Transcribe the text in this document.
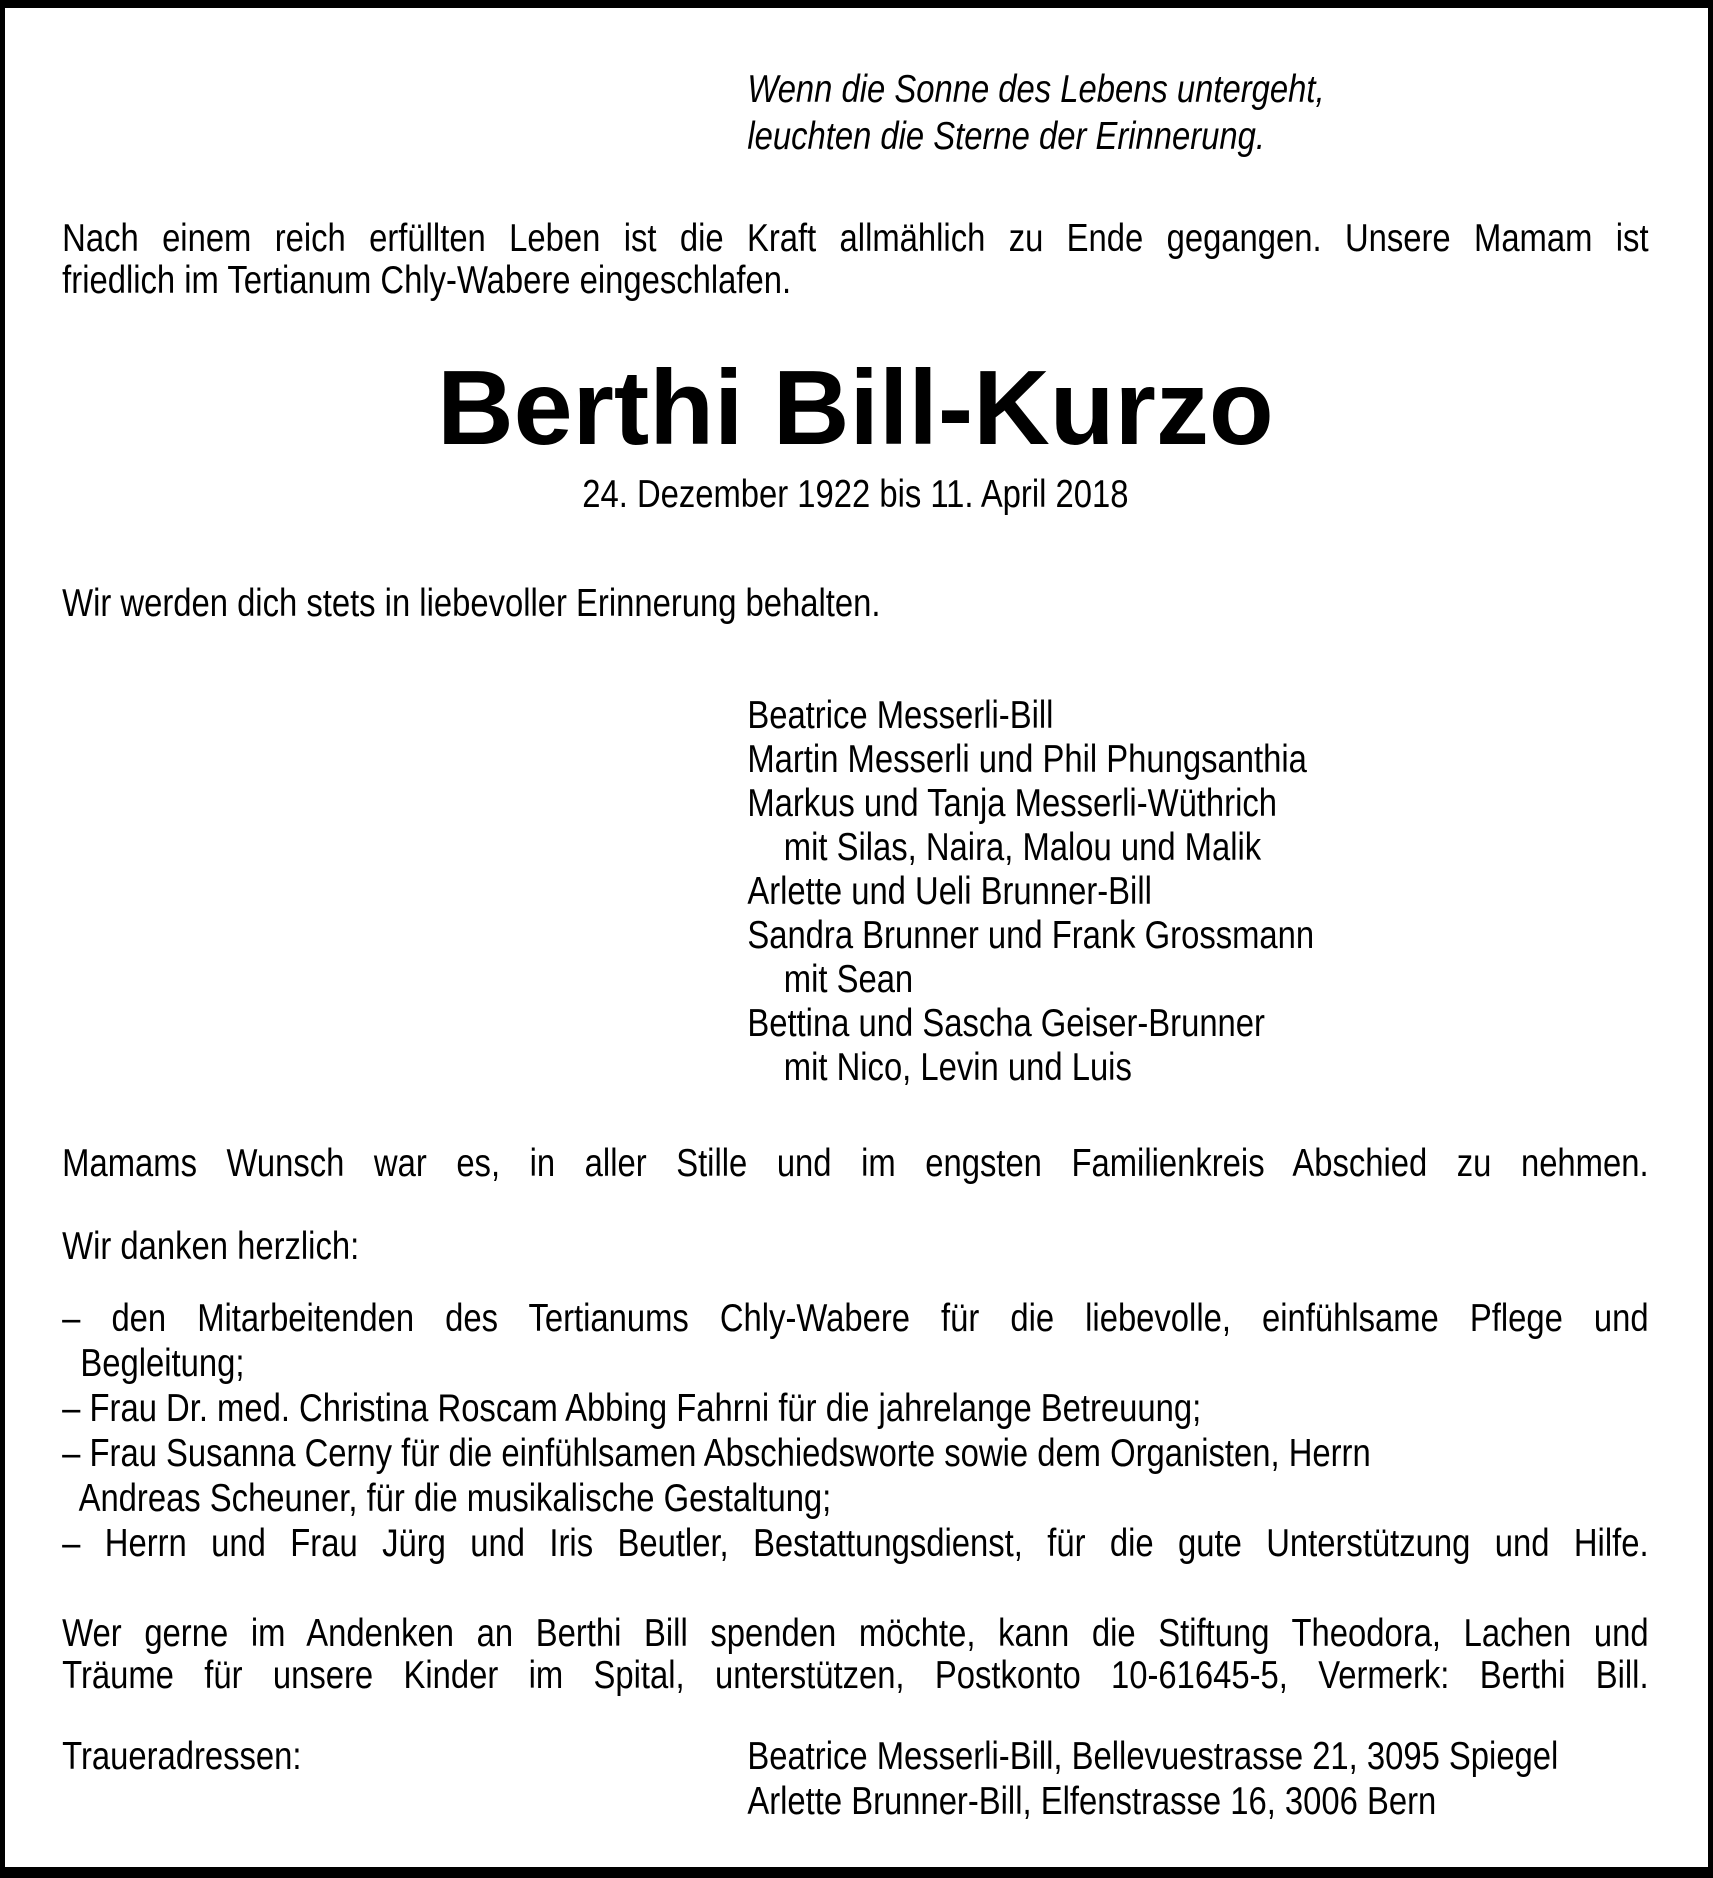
Wenn die Sonne des Lebens untergeht,
leuchten die Sterne der Erinnerung.
Nach einem reich erfüllten Leben ist die Kraft allmählich zu Ende gegangen. Unsere Mamam ist
friedlich im Tertianum Chly-Wabere eingeschlafen.
Berthi Bill-Kurzo
24. Dezember 1922 bis 11. April 2018
Wir werden dich stets in liebevoller Erinnerung behalten.
Beatrice Messerli-Bill
Martin Messerli und Phil Phungsanthia
Markus und Tanja Messerli-Wüthrich
mit Silas, Naira, Malou und Malik
Arlette und Ueli Brunner-Bill
Sandra Brunner und Frank Grossmann
mit Sean
Bettina und Sascha Geiser-Brunner
mit Nico, Levin und Luis
Mamams Wunsch war es, in aller Stille und im engsten Familienkreis Abschied zu nehmen.
Wir danken herzlich:
– den Mitarbeitenden des Tertianums Chly-Wabere für die liebevolle, einfühlsame Pflege und
Begleitung;
– Frau Dr. med. Christina Roscam Abbing Fahrni für die jahrelange Betreuung;
– Frau Susanna Cerny für die einfühlsamen Abschiedsworte sowie dem Organisten, Herrn
Andreas Scheuner, für die musikalische Gestaltung;
– Herrn und Frau Jürg und Iris Beutler, Bestattungsdienst, für die gute Unterstützung und Hilfe.
Wer gerne im Andenken an Berthi Bill spenden möchte, kann die Stiftung Theodora, Lachen und
Träume für unsere Kinder im Spital, unterstützen, Postkonto 10-61645-5, Vermerk: Berthi Bill.
Traueradressen:	Beatrice Messerli-Bill, Bellevuestrasse 21, 3095 Spiegel
Arlette Brunner-Bill, Elfenstrasse 16, 3006 Bern
